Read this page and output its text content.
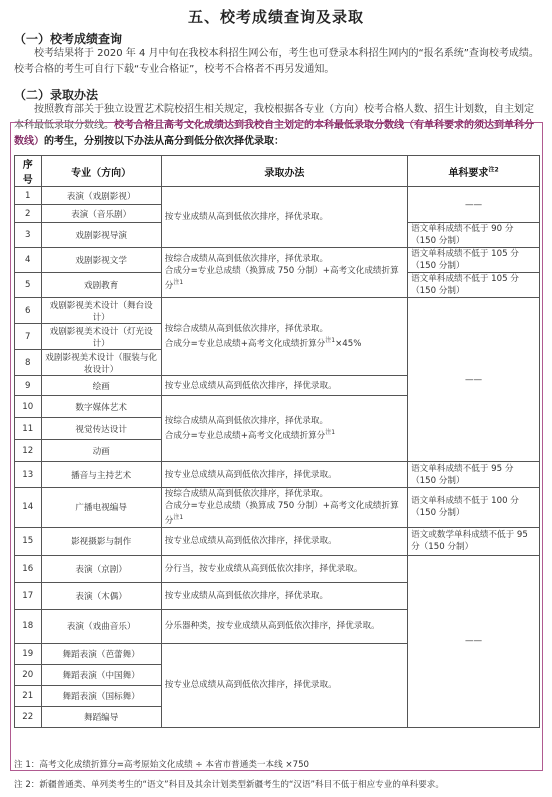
五、校考成绩查询及录取
（一）校考成绩查询
校考结果将于 2020 年 4 月中旬在我校本科招生网公布，考生也可登录本科招生网内的“报名系统”查询校考成绩。校考合格的考生可自行下载“专业合格证”，校考不合格者不再另发通知。
（二）录取办法
按照教育部关于独立设置艺术院校招生相关规定，我校根据各专业（方向）校考合格人数、招生计划数，自主划定本科最低录取分数线。校考合格且高考文化成绩达到我校自主划定的本科最低录取分数线（有单科要求的须达到单科分数线）的考生，分别按以下办法从高分到低分依次择优录取：
序号	专业（方向）	录取办法	单科要求$^{注2}$
1	表演（戏剧影视）	按专业成绩从高到低依次排序，择优录取。	——
2	表演（音乐剧）		
3	戏剧影视导演		语文单科成绩不低于 90 分（150 分制）
4	戏剧影视文学	按综合成绩从高到低依次排序，择优录取。
合成分=专业总成绩（换算成 750 分制）+高考文化成绩折算分$^{注1}$	语文单科成绩不低于 105 分（150 分制）
5	戏剧教育		语文单科成绩不低于 105 分（150 分制）
6	戏剧影视美术设计（舞台设计）	按综合成绩从高到低依次排序，择优录取。
合成分=专业总成绩+高考文化成绩折算分$^{注1}$×45%	——
7	戏剧影视美术设计（灯光设计）		
8	戏剧影视美术设计（服装与化妆设计）		
9	绘画	按专业总成绩从高到低依次排序，择优录取。	
10	数字媒体艺术	按综合成绩从高到低依次排序，择优录取。
合成分=专业总成绩+高考文化成绩折算分$^{注1}$

11	视觉传达设计		
12	动画		
13	播音与主持艺术	按专业总成绩从高到低依次排序，择优录取。	语文单科成绩不低于 95 分（150 分制）
14	广播电视编导	按综合成绩从高到低依次排序，择优录取。
合成分=专业总成绩（换算成 750 分制）+高考文化成绩折算分$^{注1}$	语文单科成绩不低于 100 分（150 分制）
15	影视摄影与制作	按专业总成绩从高到低依次排序，择优录取。	语文或数学单科成绩不低于 95 分（150 分制）
16	表演（京剧）	分行当，按专业成绩从高到低依次排序，择优录取。	——
17	表演（木偶）	按专业成绩从高到低依次排序，择优录取。	
18	表演（戏曲音乐）	分乐器种类，按专业成绩从高到低依次排序，择优录取。	
19	舞蹈表演（芭蕾舞）	按专业总成绩从高到低依次排序，择优录取。	
20	舞蹈表演（中国舞）		
21	舞蹈表演（国标舞）		
22	舞蹈编导		
注 1：高考文化成绩折算分=高考原始文化成绩 ÷ 本省市普通类一本线 ×750
注 2：新疆普通类、单列类考生的“语文”科目及其余计划类型新疆考生的“汉语”科目不低于相应专业的单科要求。
